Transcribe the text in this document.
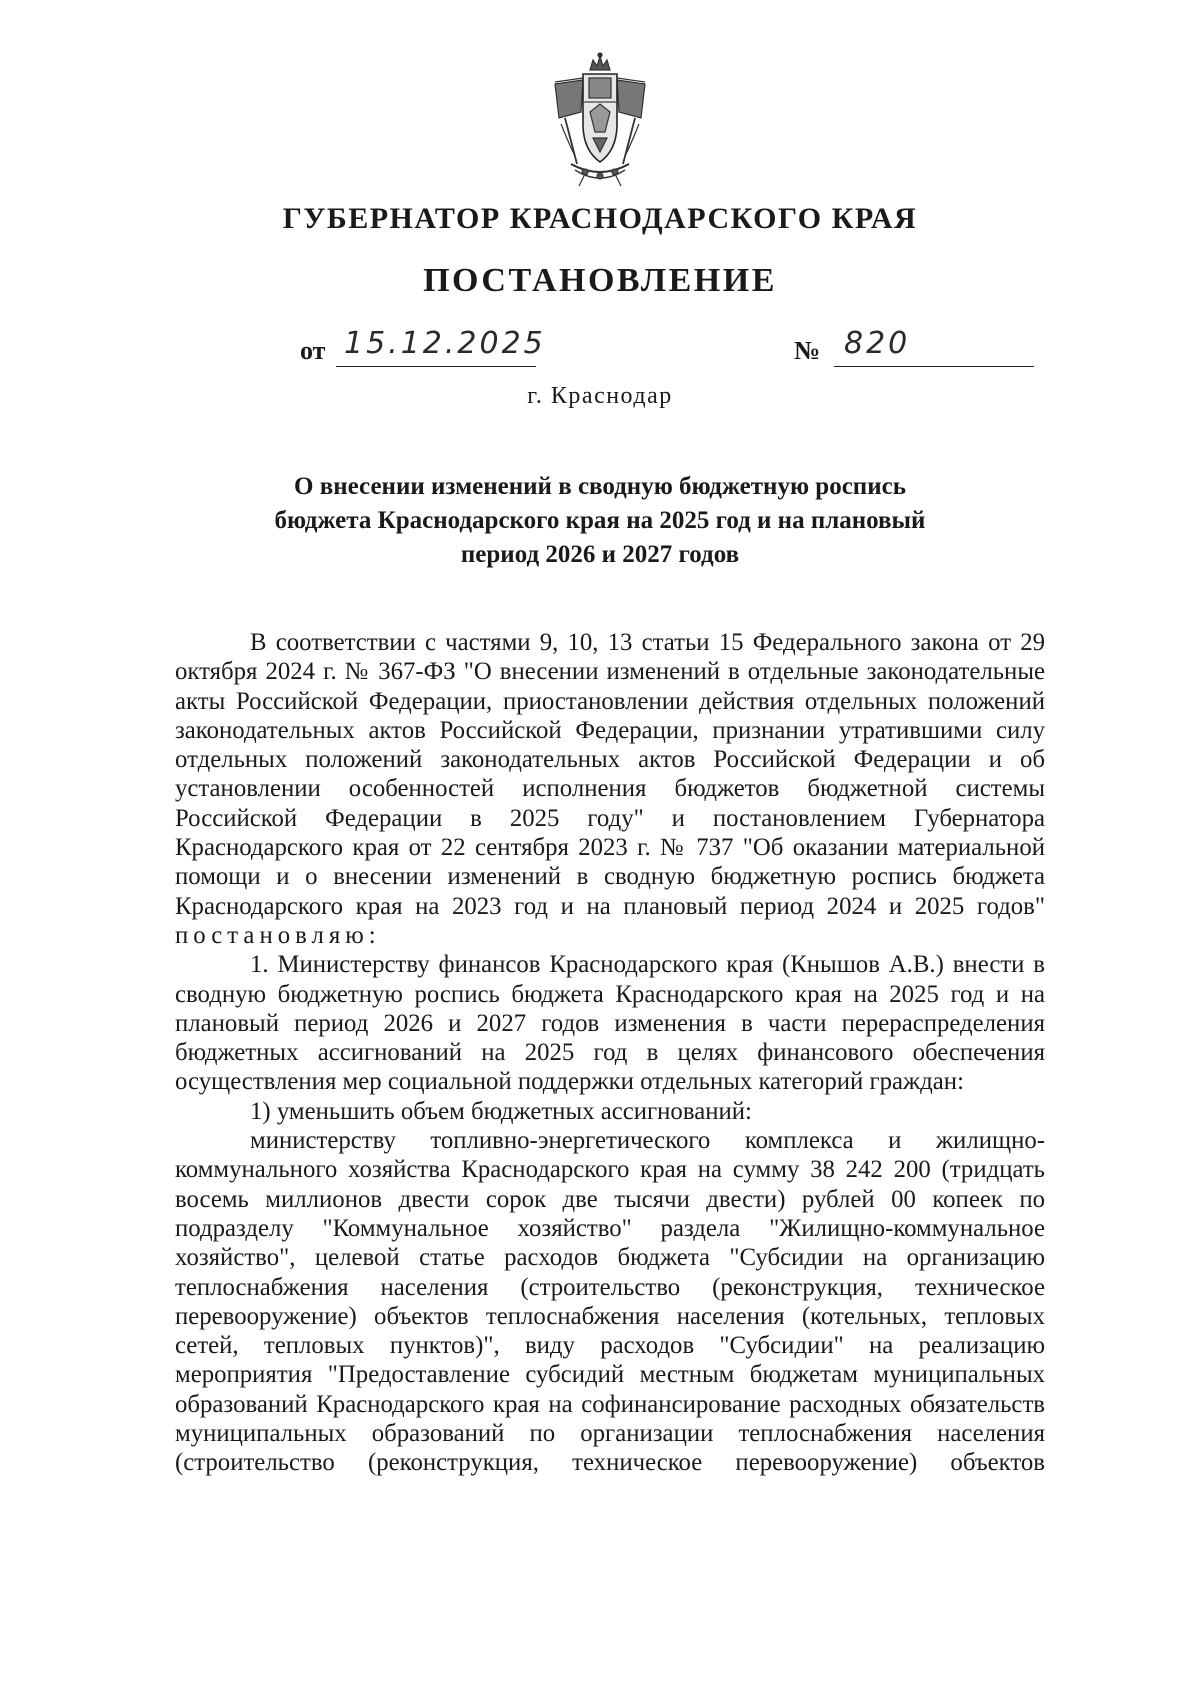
ГУБЕРНАТОР КРАСНОДАРСКОГО КРАЯ
ПОСТАНОВЛЕНИЕ
от 15.12.2025	№ 820
г. Краснодар
О внесении изменений в сводную бюджетную роспись
бюджета Краснодарского края на 2025 год и на плановый
период 2026 и 2027 годов

В соответствии с частями 9, 10, 13 статьи 15 Федерального закона от 29 октября 2024 г. № 367-ФЗ "О внесении изменений в отдельные законодательные акты Российской Федерации, приостановлении действия отдельных положений законодательных актов Российской Федерации, признании утратившими силу отдельных положений законодательных актов Российской Федерации и об установлении особенностей исполнения бюджетов бюджетной системы Российской Федерации в 2025 году" и постановлением Губернатора Краснодарского края от 22 сентября 2023 г. № 737 "Об оказании материальной помощи и о внесении изменений в сводную бюджетную роспись бюджета Краснодарского края на 2023 год и на плановый период 2024 и 2025 годов" постановляю:

1. Министерству финансов Краснодарского края (Кнышов А.В.) внести в сводную бюджетную роспись бюджета Краснодарского края на 2025 год и на плановый период 2026 и 2027 годов изменения в части перераспределения бюджетных ассигнований на 2025 год в целях финансового обеспечения осуществления мер социальной поддержки отдельных категорий граждан:

1) уменьшить объем бюджетных ассигнований:

министерству топливно-энергетического комплекса и жилищно-коммунального хозяйства Краснодарского края на сумму 38 242 200 (тридцать восемь миллионов двести сорок две тысячи двести) рублей 00 копеек по подразделу "Коммунальное хозяйство" раздела "Жилищно-коммунальное хозяйство", целевой статье расходов бюджета "Субсидии на организацию теплоснабжения населения (строительство (реконструкция, техническое перевооружение) объектов теплоснабжения населения (котельных, тепловых сетей, тепловых пунктов)", виду расходов "Субсидии" на реализацию мероприятия "Предоставление субсидий местным бюджетам муниципальных образований Краснодарского края на софинансирование расходных обязательств муниципальных образований по организации теплоснабжения населения (строительство (реконструкция, техническое перевооружение) объектов
